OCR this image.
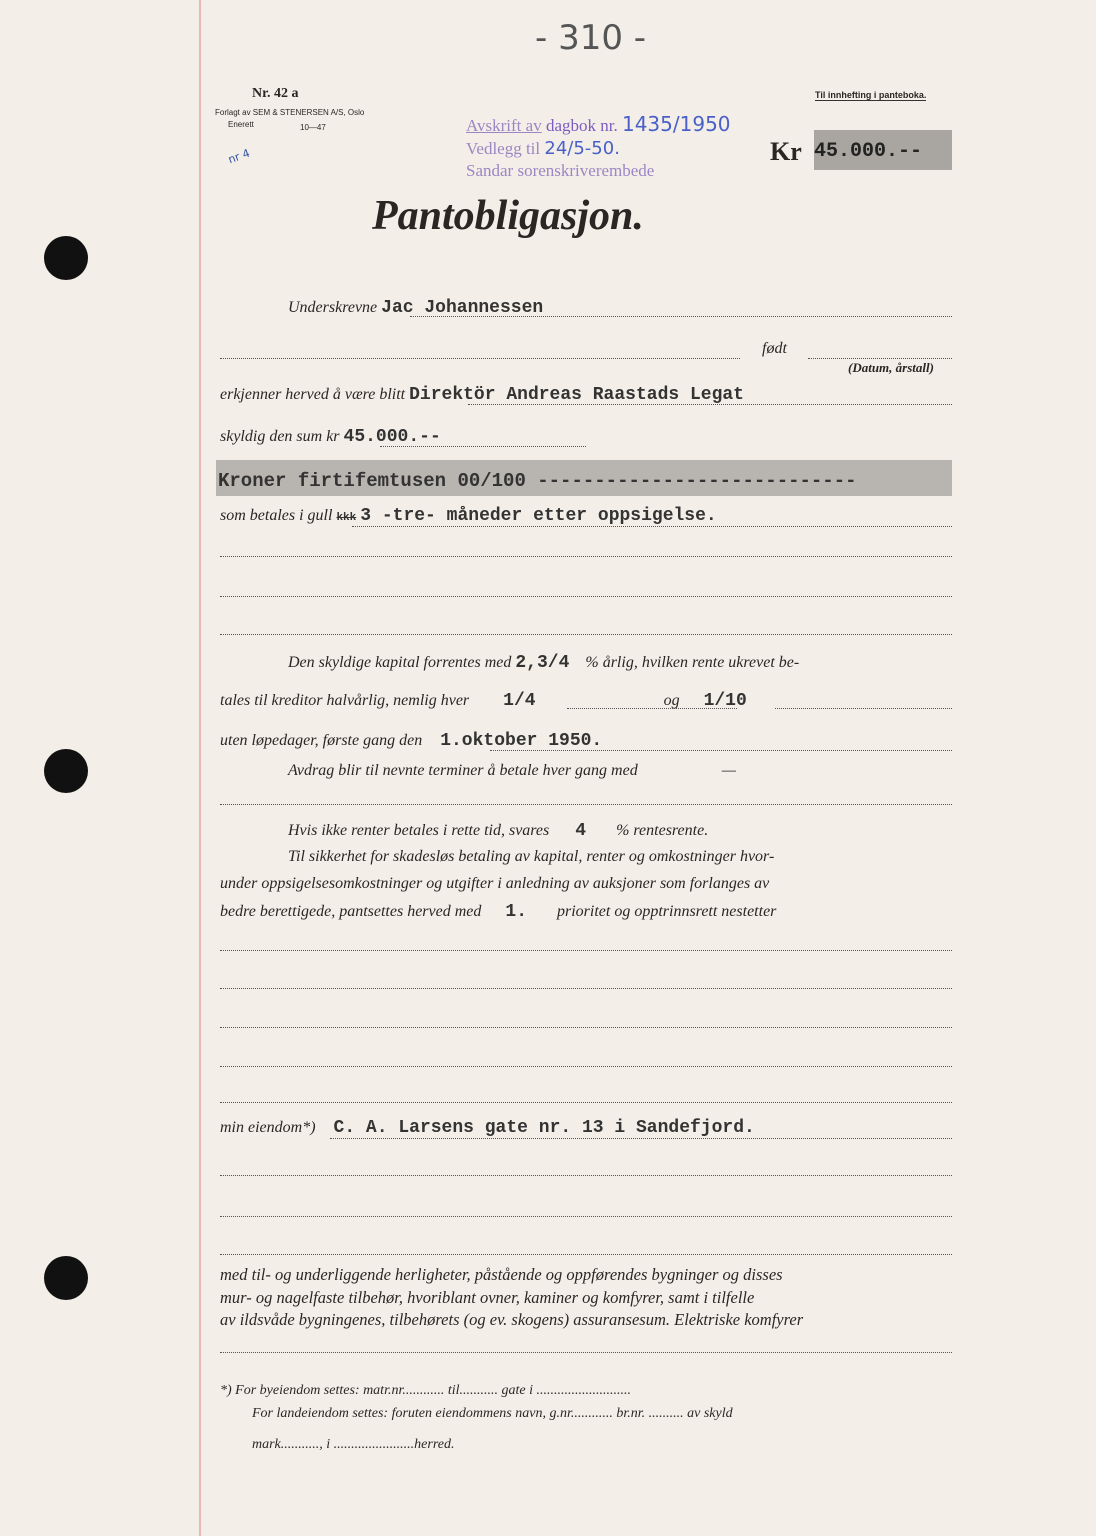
- 310 -
Nr. 42 a
Forlagt av SEM & STENERSEN A/S, Oslo
Enerett	10—47
Til innhefting i panteboka.
nr 4
Avskrift av dagbok nr. 1435/1950
Vedlegg til 24/5-50.
Sandar sorenskriverembede
Kr 45.000.--
Pantobligasjon.
Underskrevne Jac Johannessen
født
(Datum, årstall)
erkjenner herved å være blitt Direktör Andreas Raastads Legat
skyldig den sum kr 45.000.--
Kroner firtifemtusen 00/100 ----------------------------
som betales i gull kkk 3 -tre- måneder etter oppsigelse.
Den skyldige kapital forrentes med 2,3/4 % årlig, hvilken rente ukrevet be-
tales til kreditor halvårlig, nemlig hver 1/4	og 1/10
uten løpedager, første gang den 1.oktober 1950.
Avdrag blir til nevnte terminer å betale hver gang med	—
Hvis ikke renter betales i rette tid, svares 4 % rentesrente.
Til sikkerhet for skadesløs betaling av kapital, renter og omkostninger hvor-
under oppsigelsesomkostninger og utgifter i anledning av auksjoner som forlanges av
bedre berettigede, pantsettes herved med 1. prioritet og opptrinnsrett nestetter
min eiendom*) C. A. Larsens gate nr. 13 i Sandefjord.
med til- og underliggende herligheter, påstående og oppførendes bygninger og disses
mur- og nagelfaste tilbehør, hvoriblant ovner, kaminer og komfyrer, samt i tilfelle
av ildsvåde bygningenes, tilbehørets (og ev. skogens) assuransesum. Elektriske komfyrer
*) For byeiendom settes: matr.nr............ til........... gate i ...........................
For landeiendom settes: foruten eiendommens navn, g.nr............ br.nr. .......... av skyld
mark..........., i .......................herred.
